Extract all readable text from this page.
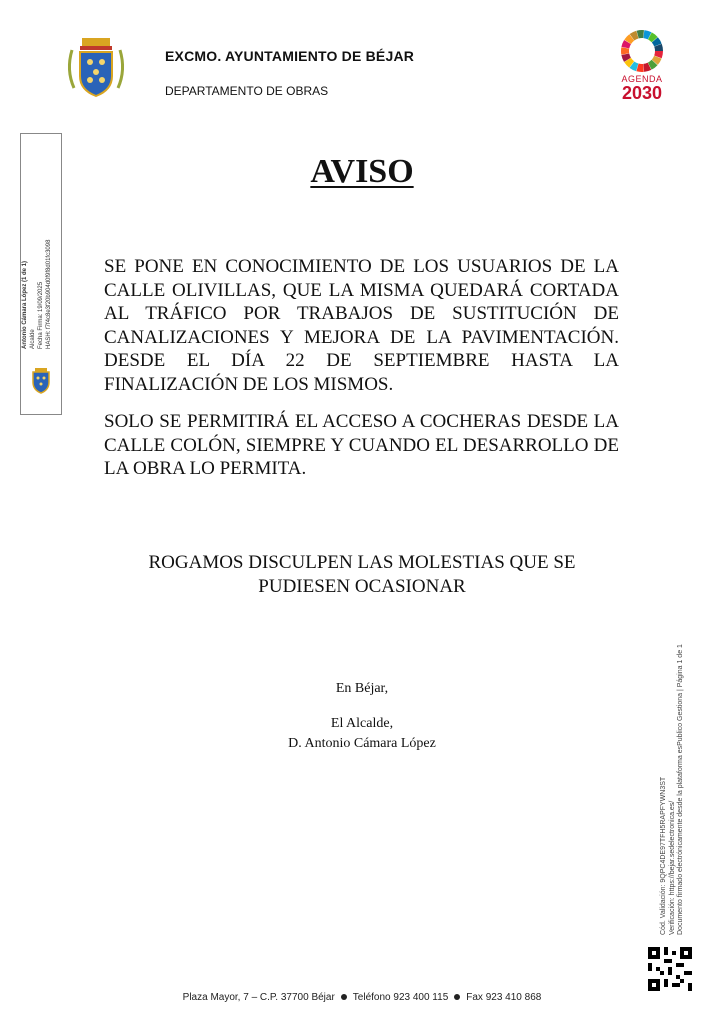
EXCMO. AYUNTAMIENTO DE BÉJAR
DEPARTAMENTO DE OBRAS
AGENDA
2030
Antonio Cámara López (1 de 1) Alcalde Fecha Firma: 19/09/2025 HASH: f7f4c8e3f20b904d0f9f8d01fc3098
AVISO
SE PONE EN CONOCIMIENTO DE LOS USUARIOS DE LA CALLE OLIVILLAS, QUE LA MISMA QUEDARÁ CORTADA AL TRÁFICO POR TRABAJOS DE SUSTITUCIÓN DE CANALIZACIONES Y MEJORA DE LA PAVIMENTACIÓN. DESDE EL DÍA 22 DE SEPTIEMBRE HASTA LA FINALIZACIÓN DE LOS MISMOS.
SOLO SE PERMITIRÁ EL ACCESO A COCHERAS DESDE LA CALLE COLÓN, SIEMPRE Y CUANDO EL DESARROLLO DE LA OBRA LO PERMITA.
ROGAMOS DISCULPEN LAS MOLESTIAS QUE SE
PUDIESEN OCASIONAR
En Béjar,
El Alcalde,
D. Antonio Cámara López
Cód. Validación: 9QPC4DE97TFH5RAPFYWN3ST Verificación: https://bejar.sedelectronica.es/ Documento firmado electrónicamente desde la plataforma esPublico Gestiona | Página 1 de 1
Plaza Mayor, 7 – C.P. 37700 Béjar Teléfono 923 400 115 Fax 923 410 868
